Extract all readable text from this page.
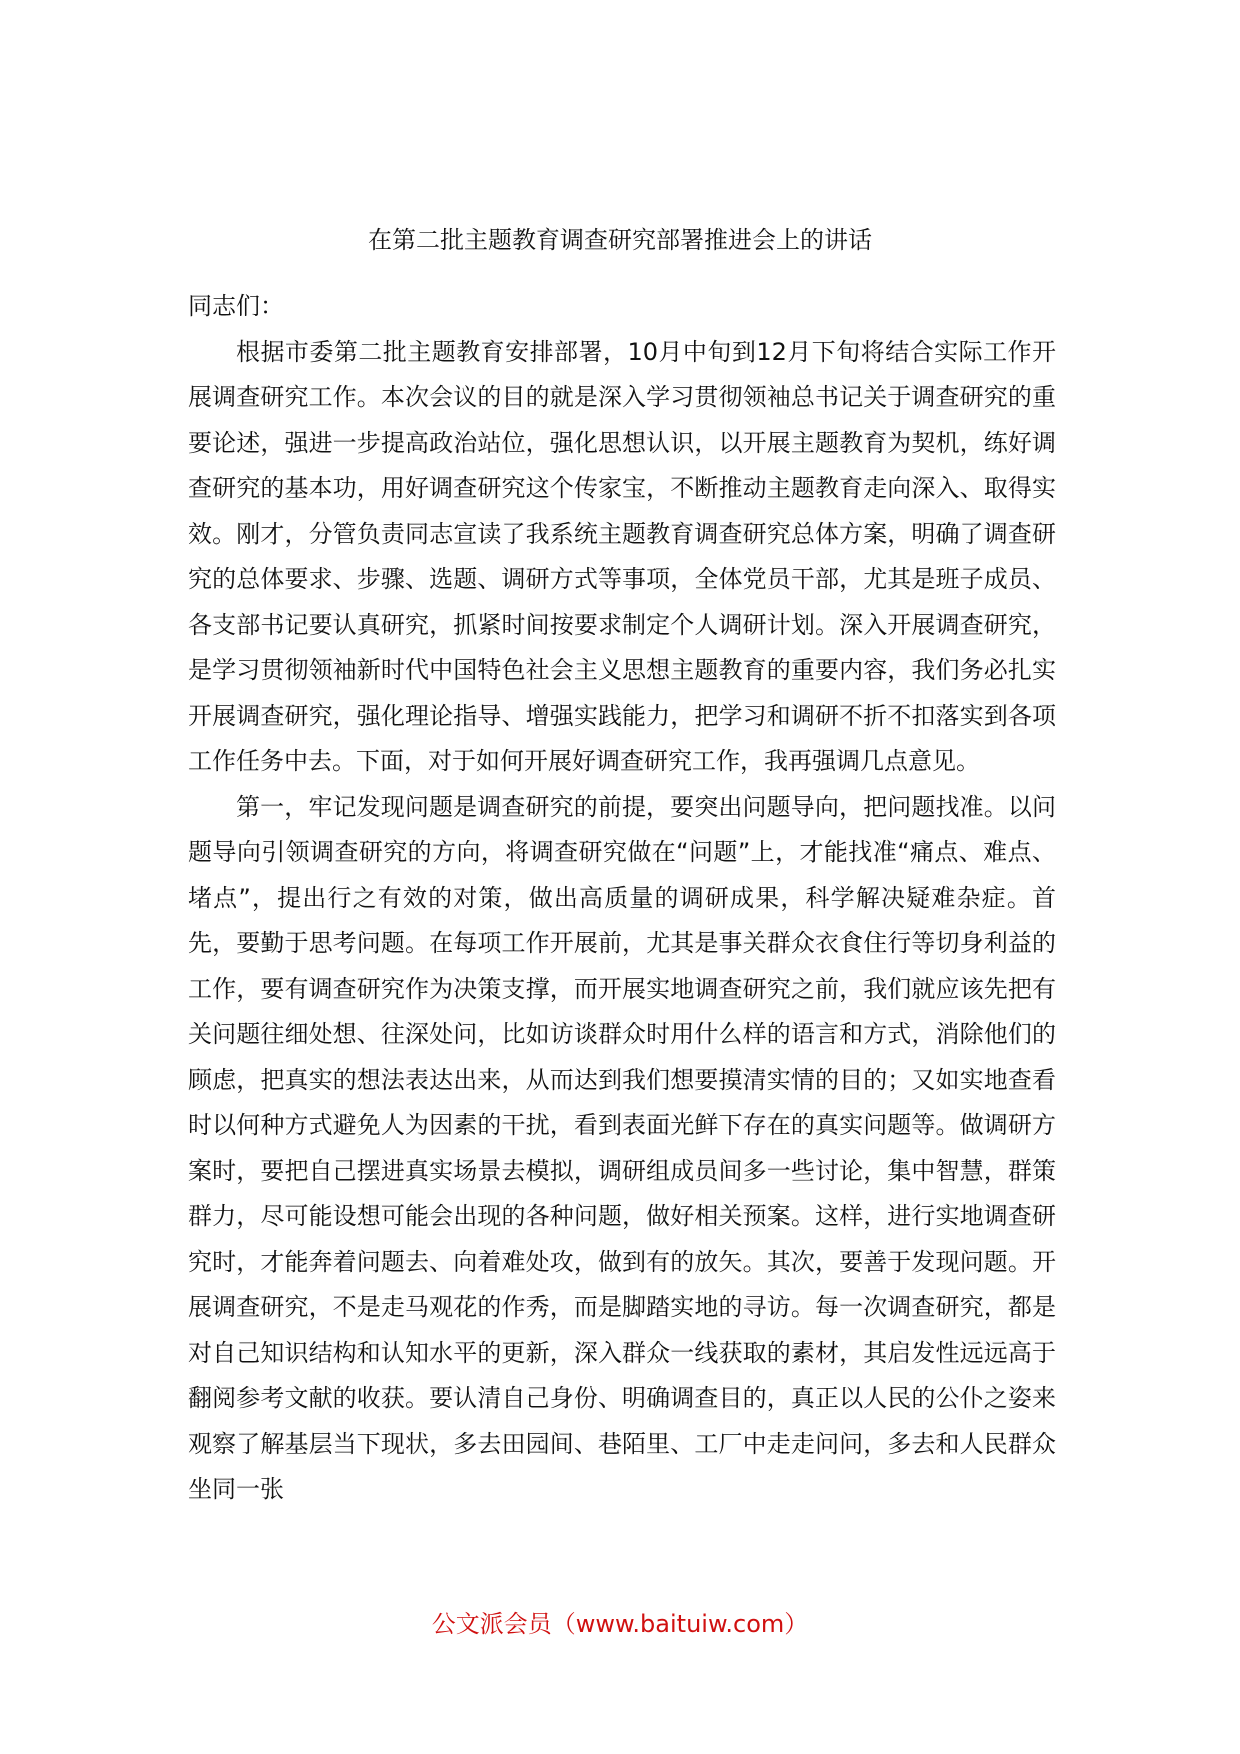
在第二批主题教育调查研究部署推进会上的讲话

同志们：

根据市委第二批主题教育安排部署，10月中旬到12月下旬将结合实际工作开展调查研究工作。本次会议的目的就是深入学习贯彻领袖总书记关于调查研究的重要论述，强进一步提高政治站位，强化思想认识，以开展主题教育为契机，练好调查研究的基本功，用好调查研究这个传家宝，不断推动主题教育走向深入、取得实效。刚才，分管负责同志宣读了我系统主题教育调查研究总体方案，明确了调查研究的总体要求、步骤、选题、调研方式等事项，全体党员干部，尤其是班子成员、各支部书记要认真研究，抓紧时间按要求制定个人调研计划。深入开展调查研究，是学习贯彻领袖新时代中国特色社会主义思想主题教育的重要内容，我们务必扎实开展调查研究，强化理论指导、增强实践能力，把学习和调研不折不扣落实到各项工作任务中去。下面，对于如何开展好调查研究工作，我再强调几点意见。

第一，牢记发现问题是调查研究的前提，要突出问题导向，把问题找准。以问题导向引领调查研究的方向，将调查研究做在“问题”上，才能找准“痛点、难点、堵点”，提出行之有效的对策，做出高质量的调研成果，科学解决疑难杂症。首先，要勤于思考问题。在每项工作开展前，尤其是事关群众衣食住行等切身利益的工作，要有调查研究作为决策支撑，而开展实地调查研究之前，我们就应该先把有关问题往细处想、往深处问，比如访谈群众时用什么样的语言和方式，消除他们的顾虑，把真实的想法表达出来，从而达到我们想要摸清实情的目的；又如实地查看时以何种方式避免人为因素的干扰，看到表面光鲜下存在的真实问题等。做调研方案时，要把自己摆进真实场景去模拟，调研组成员间多一些讨论，集中智慧，群策群力，尽可能设想可能会出现的各种问题，做好相关预案。这样，进行实地调查研究时，才能奔着问题去、向着难处攻，做到有的放矢。其次，要善于发现问题。开展调查研究，不是走马观花的作秀，而是脚踏实地的寻访。每一次调查研究，都是对自己知识结构和认知水平的更新，深入群众一线获取的素材，其启发性远远高于翻阅参考文献的收获。要认清自己身份、明确调查目的，真正以人民的公仆之姿来观察了解基层当下现状，多去田园间、巷陌里、工厂中走走问问，多去和人民群众坐同一张

公文派会员（www.baituiw.com）
